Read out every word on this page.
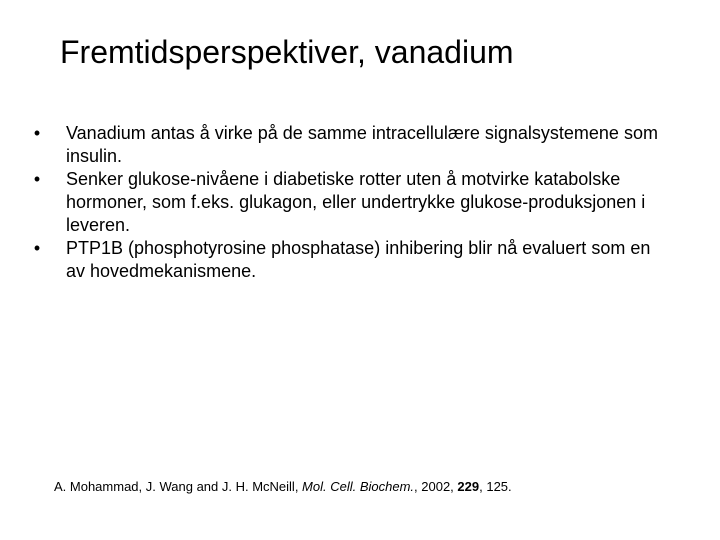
Fremtidsperspektiver, vanadium
• Vanadium antas å virke på de samme intracellulære signalsystemene som insulin.
• Senker glukose-nivåene i diabetiske rotter uten å motvirke katabolske hormoner, som f.eks. glukagon, eller undertrykke glukose-produksjonen i leveren.
• PTP1B (phosphotyrosine phosphatase) inhibering blir nå evaluert som en av hovedmekanismene.
A. Mohammad, J. Wang and J. H. McNeill, Mol. Cell. Biochem., 2002, 229, 125.
